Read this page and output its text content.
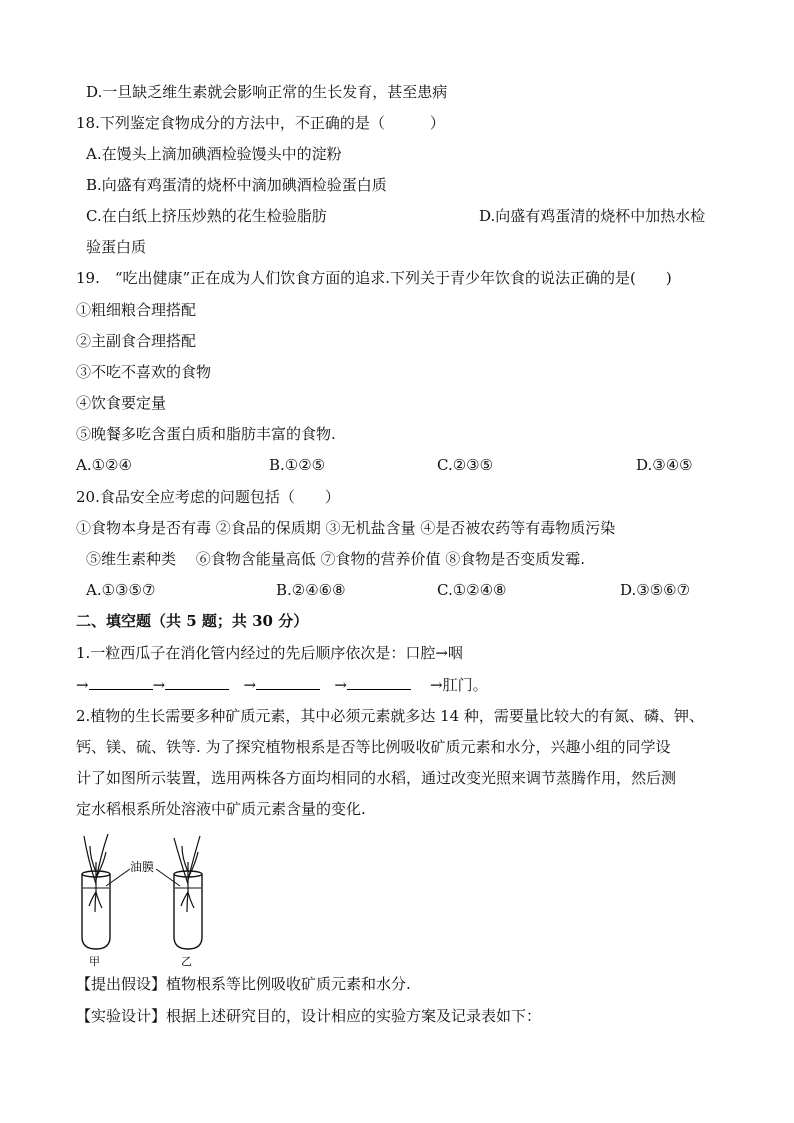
D.一旦缺乏维生素就会影响正常的生长发育，甚至患病
18.下列鉴定食物成分的方法中，不正确的是（　　　）
A.在馒头上滴加碘酒检验馒头中的淀粉
B.向盛有鸡蛋清的烧杯中滴加碘酒检验蛋白质
C.在白纸上挤压炒熟的花生检验脂肪	D.向盛有鸡蛋清的烧杯中加热水检
验蛋白质
19.　“吃出健康”正在成为人们饮食方面的追求.下列关于青少年饮食的说法正确的是(　　)
①粗细粮合理搭配
②主副食合理搭配
③不吃不喜欢的食物
④饮食要定量
⑤晚餐多吃含蛋白质和脂肪丰富的食物.
A.①②④	B.①②⑤	C.②③⑤	D.③④⑤
20.食品安全应考虑的问题包括（　　）
①食物本身是否有毒 ②食品的保质期 ③无机盐含量 ④是否被农药等有毒物质污染
⑤维生素种类　 ⑥食物含能量高低 ⑦食物的营养价值 ⑧食物是否变质发霉.
A.①③⑤⑦	B.②④⑥⑧	C.①②④⑧	D.③⑤⑥⑦
二、填空题（共 5 题；共 30 分）
1.一粒西瓜子在消化管内经过的先后顺序依次是：口腔→咽
→	→	→	→	→肛门。
2.植物的生长需要多种矿质元素，其中必须元素就多达 14 种，需要量比较大的有氮、磷、钾、
钙、镁、硫、铁等. 为了探究植物根系是否等比例吸收矿质元素和水分，兴趣小组的同学设
计了如图所示装置，选用两株各方面均相同的水稻，通过改变光照来调节蒸腾作用，然后测
定水稻根系所处溶液中矿质元素含量的变化.
油膜
甲	乙
【提出假设】植物根系等比例吸收矿质元素和水分.
【实验设计】根据上述研究目的，设计相应的实验方案及记录表如下：
